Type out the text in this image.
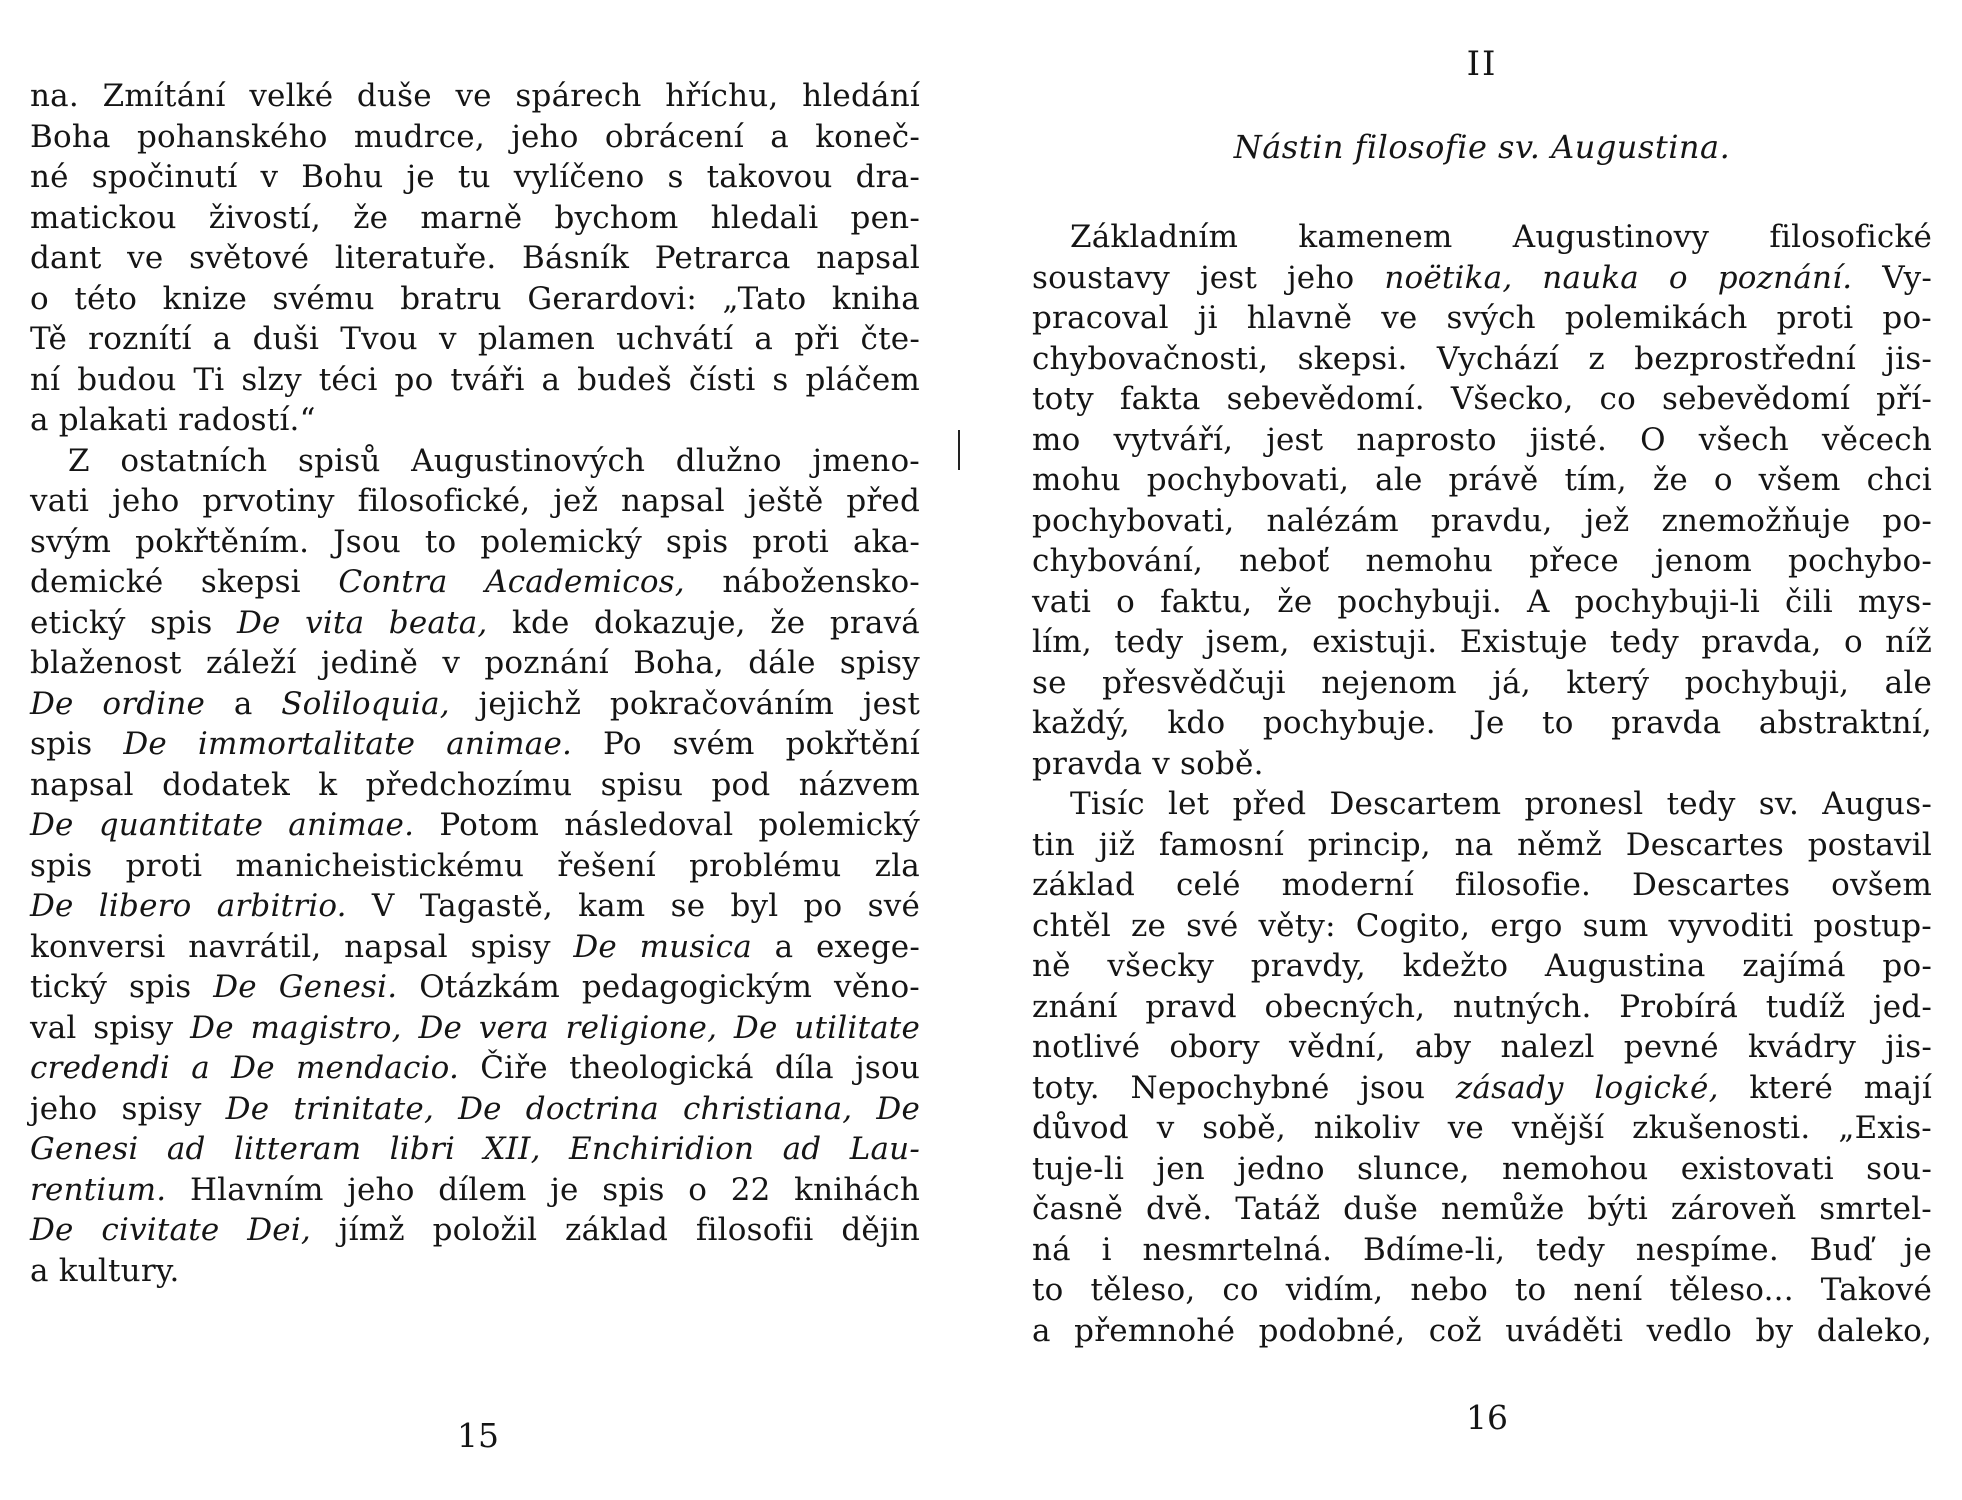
na. Zmítání velké duše ve spárech hříchu, hledání
Boha pohanského mudrce, jeho obrácení a koneč-
né spočinutí v Bohu je tu vylíčeno s takovou dra-
matickou živostí, že marně bychom hledali pen-
dant ve světové literatuře. Básník Petrarca napsal
o této knize svému bratru Gerardovi: „Tato kniha
Tě roznítí a duši Tvou v plamen uchvátí a při čte-
ní budou Ti slzy téci po tváři a budeš čísti s pláčem
a plakati radostí.“
Z ostatních spisů Augustinových dlužno jmeno-
vati jeho prvotiny filosofické, jež napsal ještě před
svým pokřtěním. Jsou to polemický spis proti aka-
demické skepsi Contra Academicos, nábožensko-
etický spis De vita beata, kde dokazuje, že pravá
blaženost záleží jedině v poznání Boha, dále spisy
De ordine a Soliloquia, jejichž pokračováním jest
spis De immortalitate animae. Po svém pokřtění
napsal dodatek k předchozímu spisu pod názvem
De quantitate animae. Potom následoval polemický
spis proti manicheistickému řešení problému zla
De libero arbitrio. V Tagastě, kam se byl po své
konversi navrátil, napsal spisy De musica a exege-
tický spis De Genesi. Otázkám pedagogickým věno-
val spisy De magistro, De vera religione, De utilitate
credendi a De mendacio. Čiře theologická díla jsou
jeho spisy De trinitate, De doctrina christiana, De
Genesi ad litteram libri XII, Enchiridion ad Lau-
rentium. Hlavním jeho dílem je spis o 22 knihách
De civitate Dei, jímž položil základ filosofii dějin
a kultury.
15
II
Nástin filosofie sv. Augustina.
Základním kamenem Augustinovy filosofické
soustavy jest jeho noëtika, nauka o poznání. Vy-
pracoval ji hlavně ve svých polemikách proti po-
chybovačnosti, skepsi. Vychází z bezprostřední jis-
toty fakta sebevědomí. Všecko, co sebevědomí pří-
mo vytváří, jest naprosto jisté. O všech věcech
mohu pochybovati, ale právě tím, že o všem chci
pochybovati, nalézám pravdu, jež znemožňuje po-
chybování, neboť nemohu přece jenom pochybo-
vati o faktu, že pochybuji. A pochybuji-li čili mys-
lím, tedy jsem, existuji. Existuje tedy pravda, o níž
se přesvědčuji nejenom já, který pochybuji, ale
každý, kdo pochybuje. Je to pravda abstraktní,
pravda v sobě.
Tisíc let před Descartem pronesl tedy sv. Augus-
tin již famosní princip, na němž Descartes postavil
základ celé moderní filosofie. Descartes ovšem
chtěl ze své věty: Cogito, ergo sum vyvoditi postup-
ně všecky pravdy, kdežto Augustina zajímá po-
znání pravd obecných, nutných. Probírá tudíž jed-
notlivé obory vědní, aby nalezl pevné kvádry jis-
toty. Nepochybné jsou zásady logické, které mají
důvod v sobě, nikoliv ve vnější zkušenosti. „Exis-
tuje-li jen jedno slunce, nemohou existovati sou-
časně dvě. Tatáž duše nemůže býti zároveň smrtel-
ná i nesmrtelná. Bdíme-li, tedy nespíme. Buď je
to těleso, co vidím, nebo to není těleso... Takové
a přemnohé podobné, což uváděti vedlo by daleko,
16
